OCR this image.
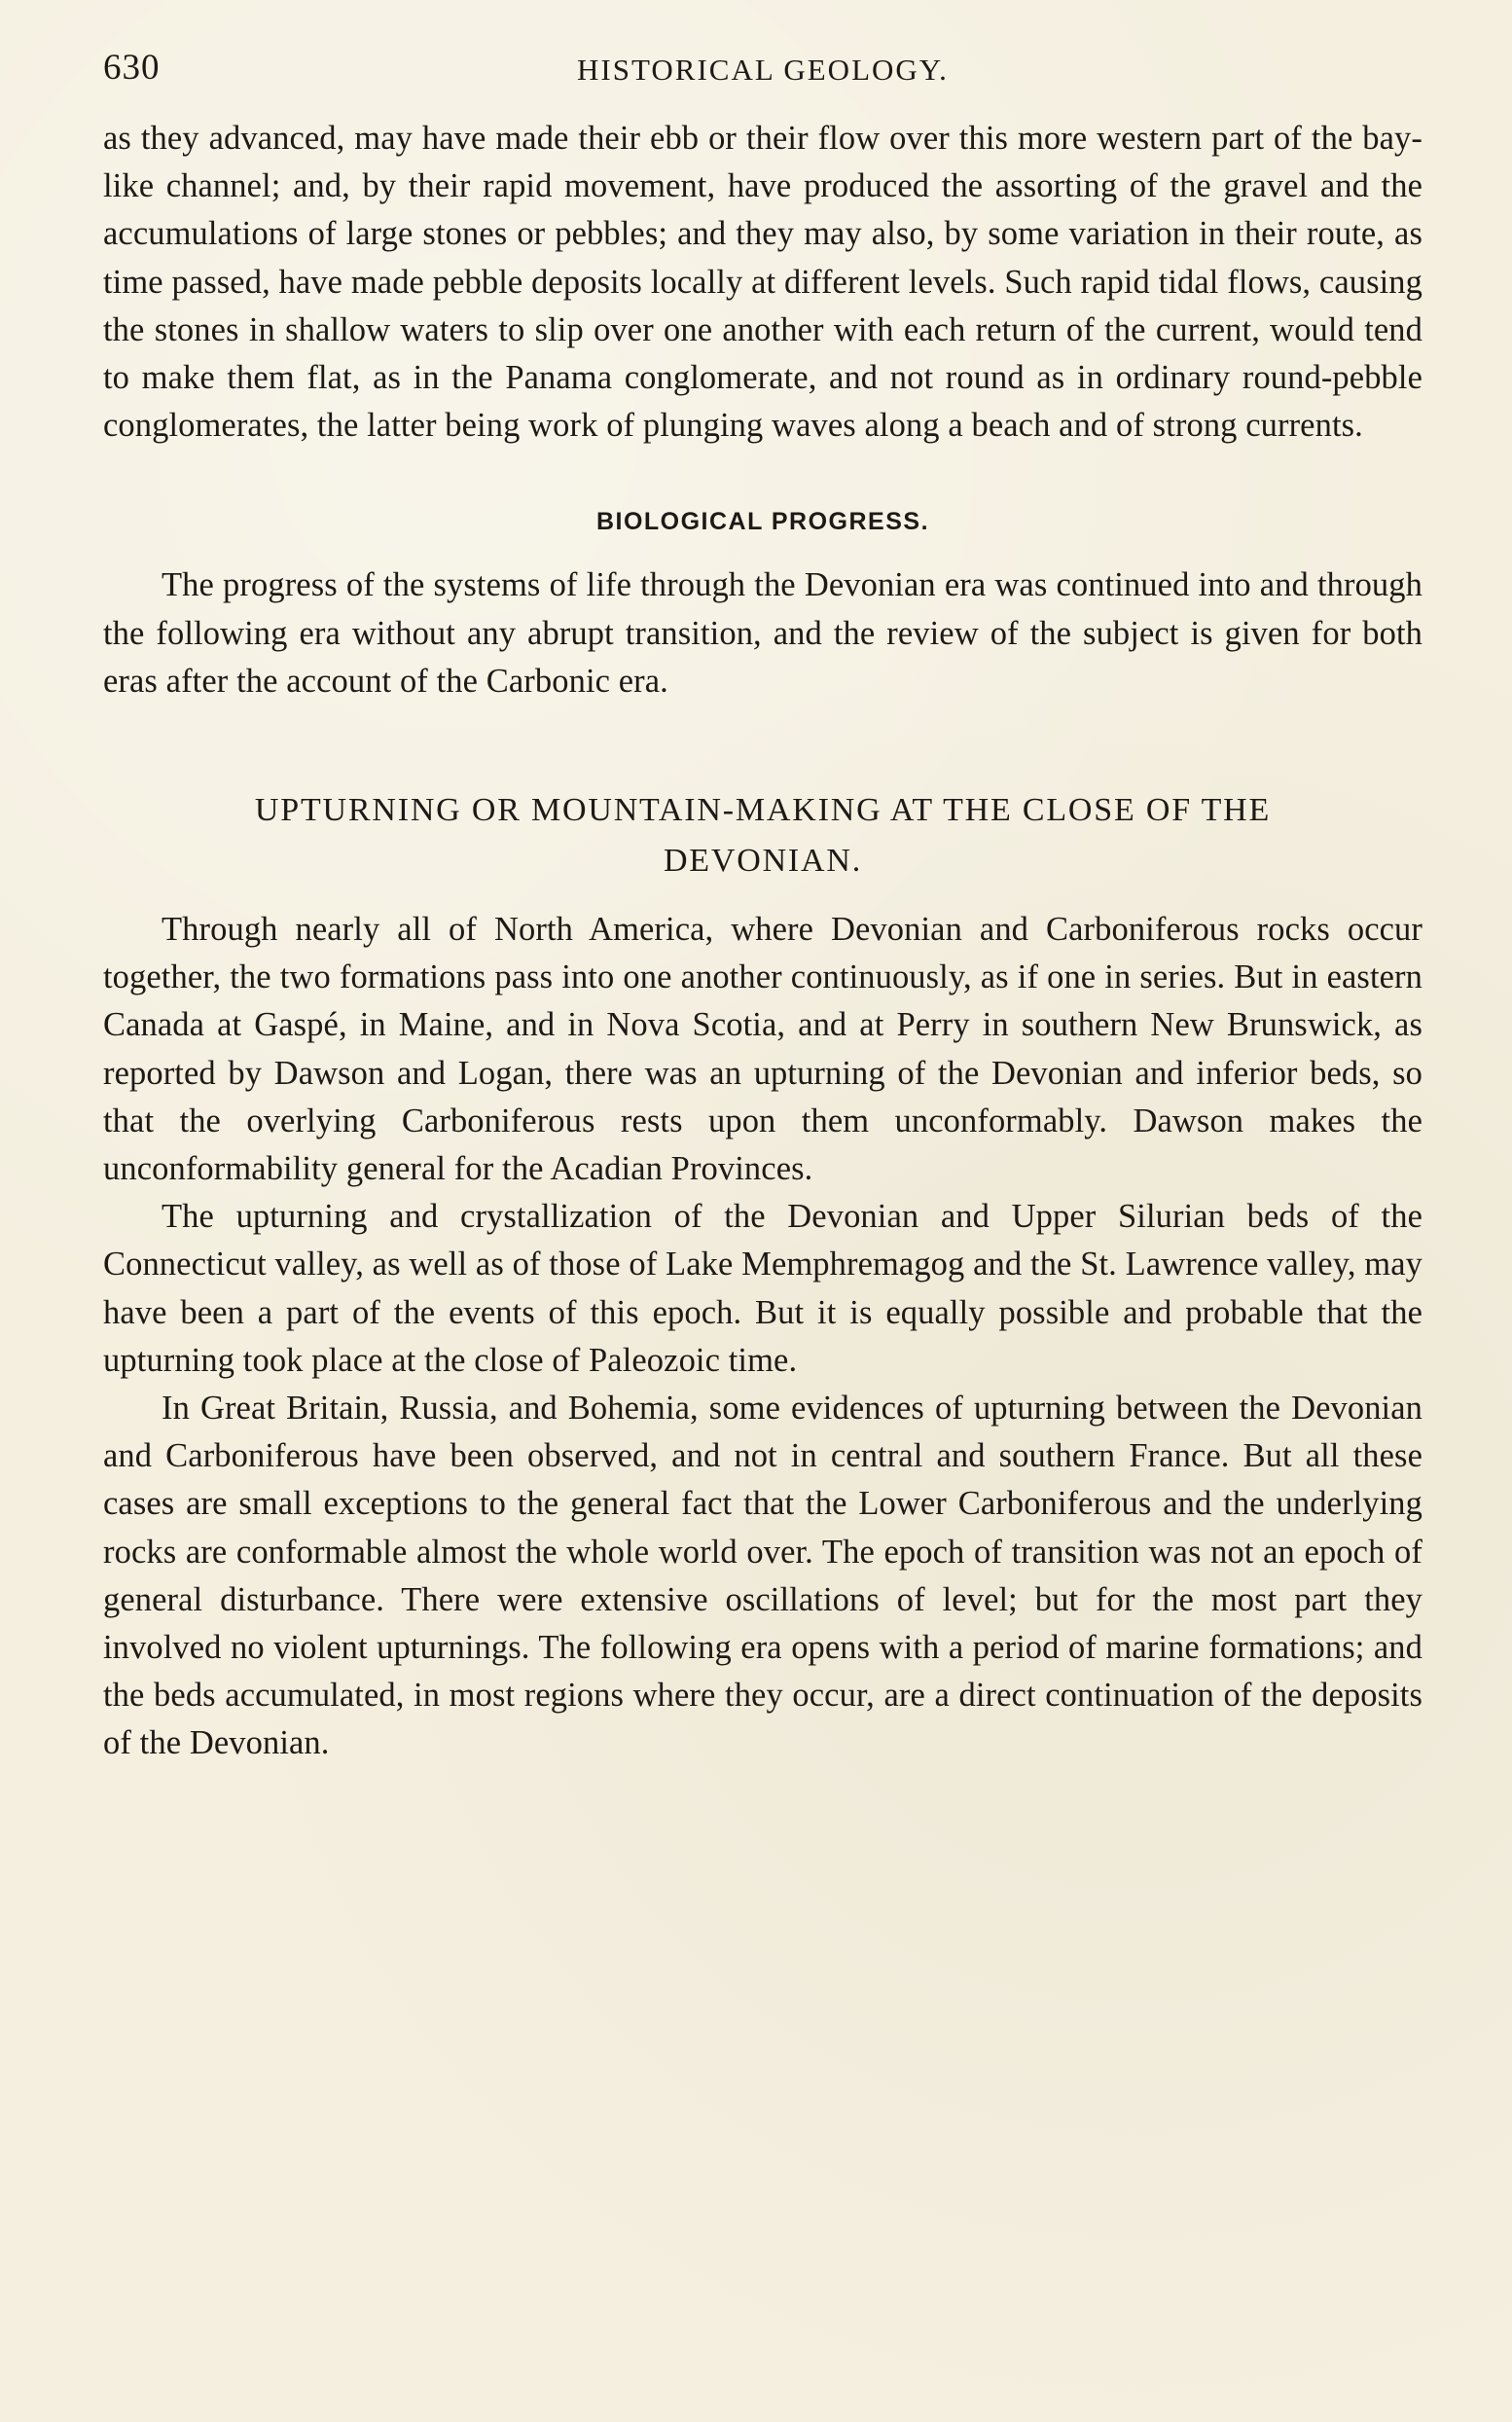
630	HISTORICAL GEOLOGY.

as they advanced, may have made their ebb or their flow over this more western part of the bay-like channel; and, by their rapid movement, have produced the assorting of the gravel and the accumulations of large stones or pebbles; and they may also, by some variation in their route, as time passed, have made pebble deposits locally at different levels. Such rapid tidal flows, causing the stones in shallow waters to slip over one another with each return of the current, would tend to make them flat, as in the Panama conglomerate, and not round as in ordinary round-pebble conglomerates, the latter being work of plunging waves along a beach and of strong currents.

BIOLOGICAL PROGRESS.

The progress of the systems of life through the Devonian era was continued into and through the following era without any abrupt transition, and the review of the subject is given for both eras after the account of the Carbonic era.

UPTURNING OR MOUNTAIN-MAKING AT THE CLOSE OF THE
DEVONIAN.

Through nearly all of North America, where Devonian and Carboniferous rocks occur together, the two formations pass into one another continuously, as if one in series. But in eastern Canada at Gaspé, in Maine, and in Nova Scotia, and at Perry in southern New Brunswick, as reported by Dawson and Logan, there was an upturning of the Devonian and inferior beds, so that the overlying Carboniferous rests upon them unconformably. Dawson makes the unconformability general for the Acadian Provinces.

The upturning and crystallization of the Devonian and Upper Silurian beds of the Connecticut valley, as well as of those of Lake Memphremagog and the St. Lawrence valley, may have been a part of the events of this epoch. But it is equally possible and probable that the upturning took place at the close of Paleozoic time.

In Great Britain, Russia, and Bohemia, some evidences of upturning between the Devonian and Carboniferous have been observed, and not in central and southern France. But all these cases are small exceptions to the general fact that the Lower Carboniferous and the underlying rocks are conformable almost the whole world over. The epoch of transition was not an epoch of general disturbance. There were extensive oscillations of level; but for the most part they involved no violent upturnings. The following era opens with a period of marine formations; and the beds accumulated, in most regions where they occur, are a direct continuation of the deposits of the Devonian.
